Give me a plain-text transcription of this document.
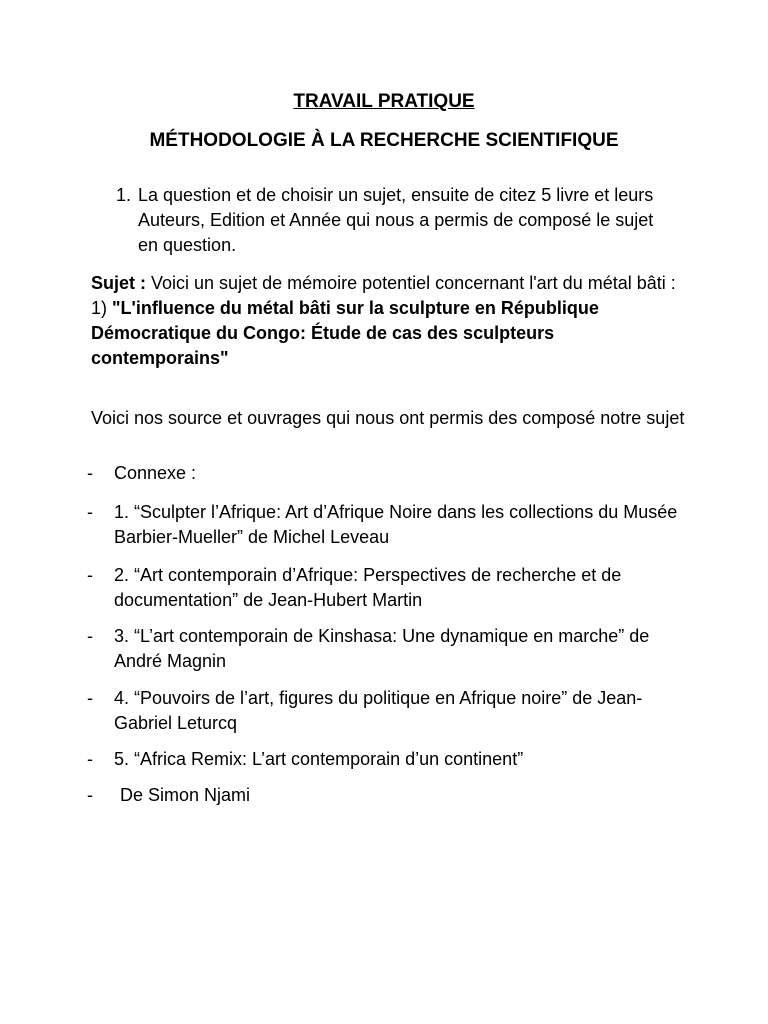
TRAVAIL PRATIQUE
MÉTHODOLOGIE À LA RECHERCHE SCIENTIFIQUE
1. La question et de choisir un sujet, ensuite de citez 5 livre et leurs Auteurs, Edition et Année qui nous a permis de composé le sujet en question.

Sujet : Voici un sujet de mémoire potentiel concernant l'art du métal bâti : 1) "L'influence du métal bâti sur la sculpture en République Démocratique du Congo: Étude de cas des sculpteurs contemporains"

Voici nos source et ouvrages qui nous ont permis des composé notre sujet

-	Connexe :
-	1. “Sculpter l’Afrique: Art d’Afrique Noire dans les collections du Musée Barbier-Mueller” de Michel Leveau
-	2. “Art contemporain d’Afrique: Perspectives de recherche et de documentation” de Jean-Hubert Martin
-	3. “L’art contemporain de Kinshasa: Une dynamique en marche” de André Magnin
-	4. “Pouvoirs de l’art, figures du politique en Afrique noire” de Jean-Gabriel Leturcq
-	5. “Africa Remix: L’art contemporain d’un continent”
-	De Simon Njami
